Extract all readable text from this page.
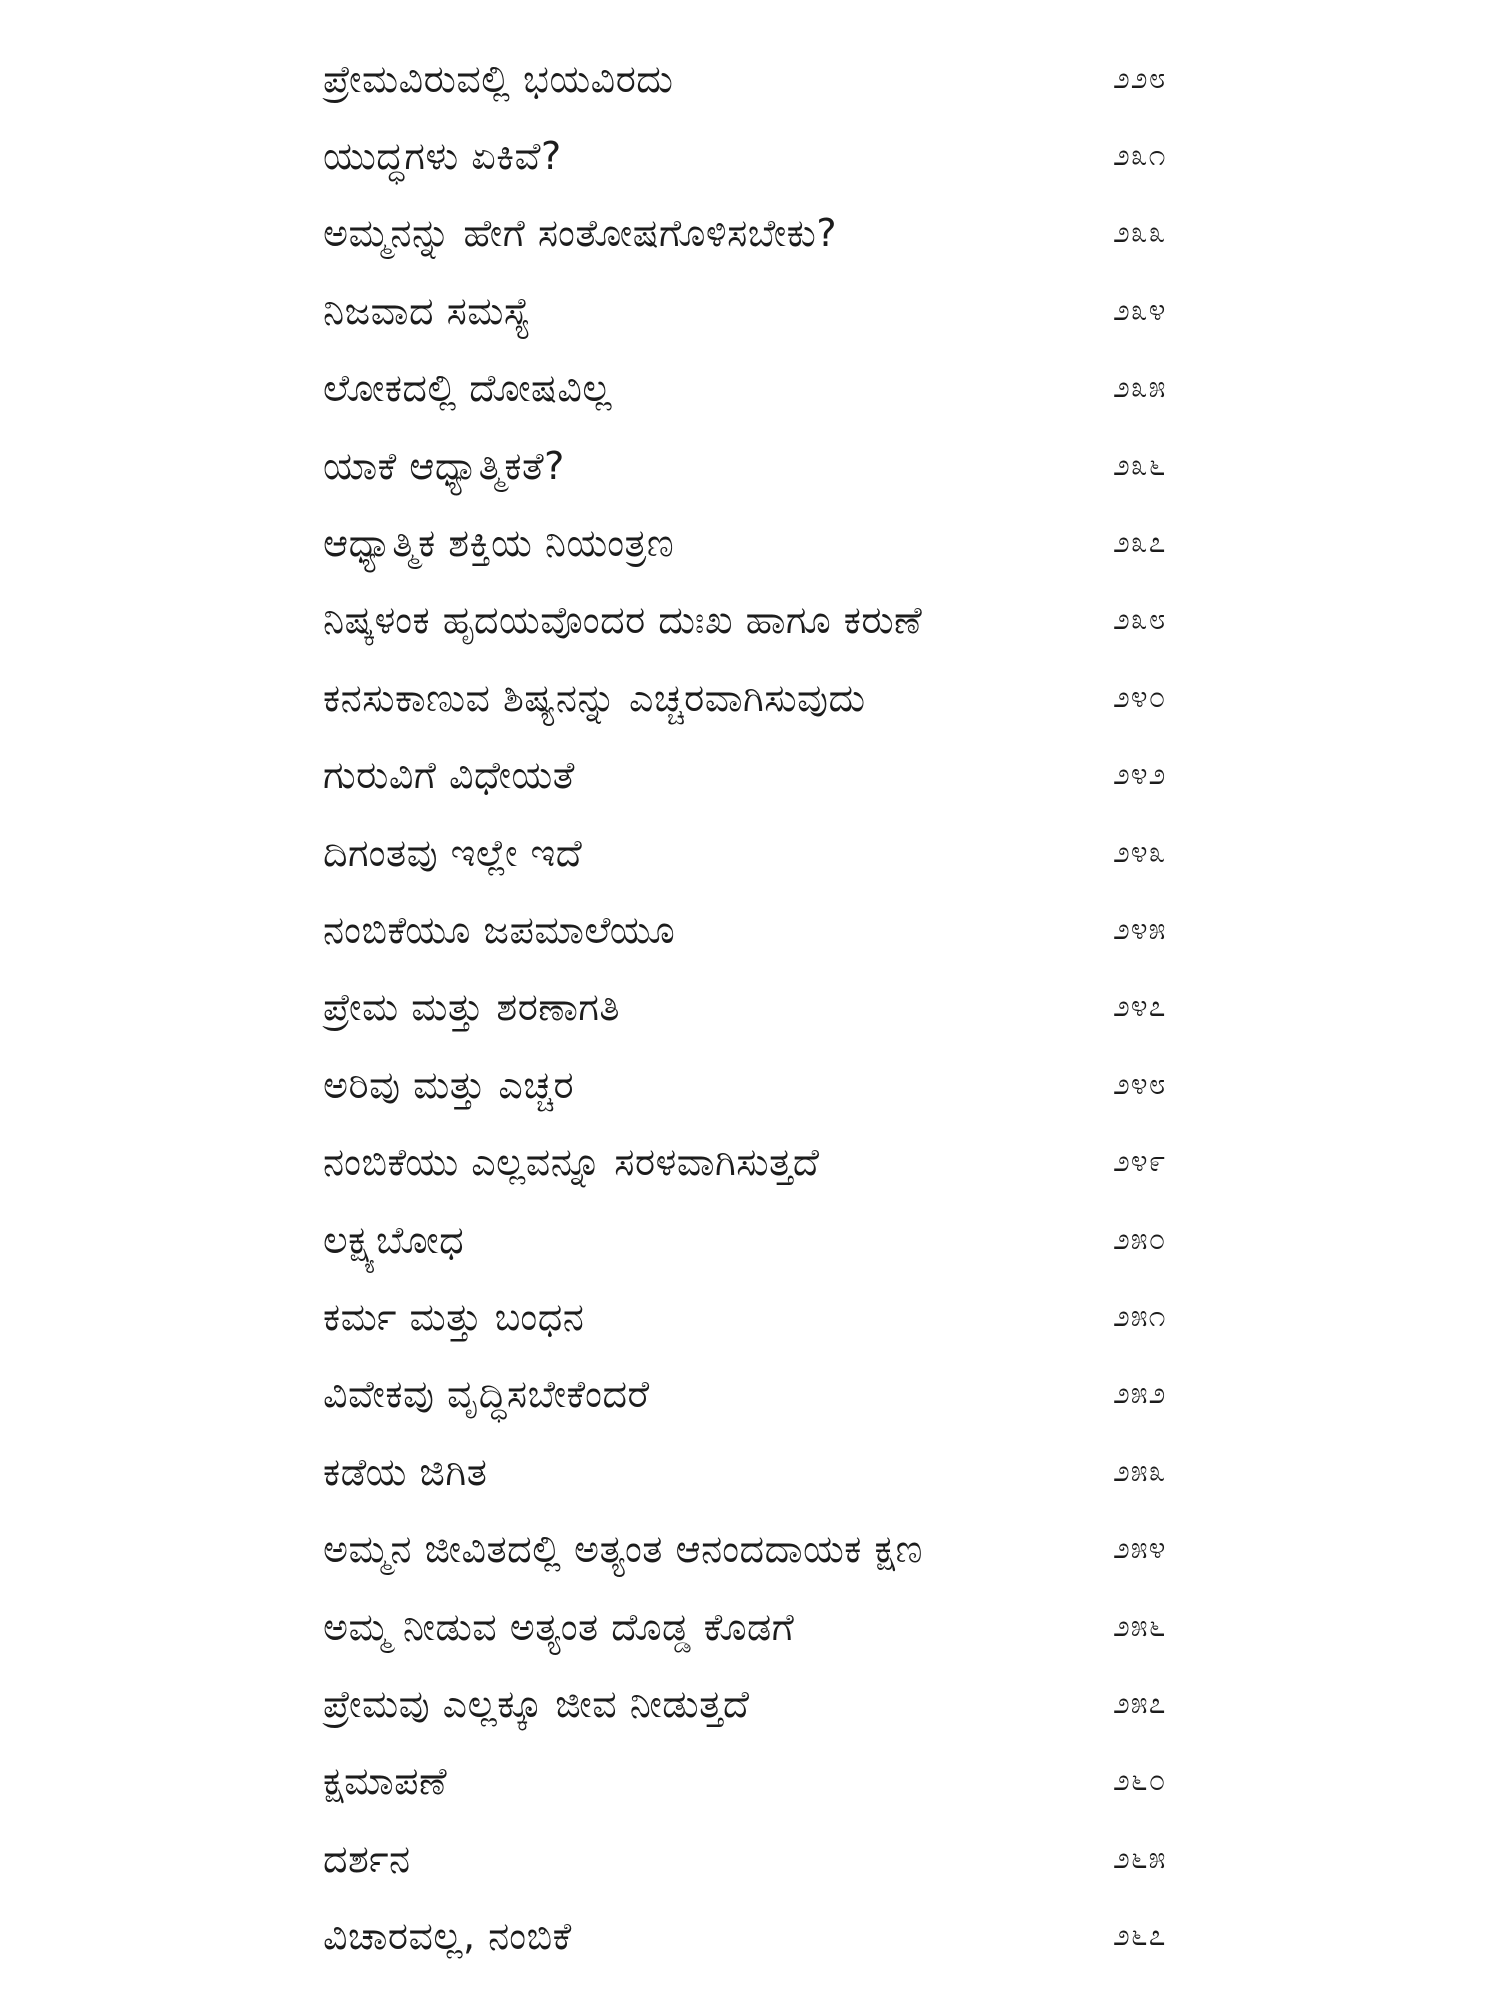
ಪ್ರೇಮವಿರುವಲ್ಲಿ ಭಯವಿರದು	೨೨೮
ಯುದ್ಧಗಳು ಏಕಿವೆ?	೨೩೧
ಅಮ್ಮನನ್ನು ಹೇಗೆ ಸಂತೋಷಗೊಳಿಸಬೇಕು?	೨೩೩
ನಿಜವಾದ ಸಮಸ್ಯೆ	೨೩೪
ಲೋಕದಲ್ಲಿ ದೋಷವಿಲ್ಲ	೨೩೫
ಯಾಕೆ ಆಧ್ಯಾತ್ಮಿಕತೆ?	೨೩೬
ಆಧ್ಯಾತ್ಮಿಕ ಶಕ್ತಿಯ ನಿಯಂತ್ರಣ	೨೩೭
ನಿಷ್ಕಳಂಕ ಹೃದಯವೊಂದರ ದುಃಖ ಹಾಗೂ ಕರುಣೆ	೨೩೮
ಕನಸುಕಾಣುವ ಶಿಷ್ಯನನ್ನು ಎಚ್ಚರವಾಗಿಸುವುದು	೨೪೦
ಗುರುವಿಗೆ ವಿಧೇಯತೆ	೨೪೨
ದಿಗಂತವು ಇಲ್ಲೇ ಇದೆ	೨೪೩
ನಂಬಿಕೆಯೂ ಜಪಮಾಲೆಯೂ	೨೪೫
ಪ್ರೇಮ ಮತ್ತು ಶರಣಾಗತಿ	೨೪೭
ಅರಿವು ಮತ್ತು ಎಚ್ಚರ	೨೪೮
ನಂಬಿಕೆಯು ಎಲ್ಲವನ್ನೂ ಸರಳವಾಗಿಸುತ್ತದೆ	೨೪೯
ಲಕ್ಷ್ಯಬೋಧ	೨೫೦
ಕರ್ಮ ಮತ್ತು ಬಂಧನ	೨೫೧
ವಿವೇಕವು ವೃದ್ಧಿಸಬೇಕೆಂದರೆ	೨೫೨
ಕಡೆಯ ಜಿಗಿತ	೨೫೩
ಅಮ್ಮನ ಜೀವಿತದಲ್ಲಿ ಅತ್ಯಂತ ಆನಂದದಾಯಕ ಕ್ಷಣ	೨೫೪
ಅಮ್ಮ ನೀಡುವ ಅತ್ಯಂತ ದೊಡ್ಡ ಕೊಡಗೆ	೨೫೬
ಪ್ರೇಮವು ಎಲ್ಲಕ್ಕೂ ಜೀವ ನೀಡುತ್ತದೆ	೨೫೭
ಕ್ಷಮಾಪಣೆ	೨೬೦
ದರ್ಶನ	೨೬೫
ವಿಚಾರವಲ್ಲ, ನಂಬಿಕೆ	೨೬೭
